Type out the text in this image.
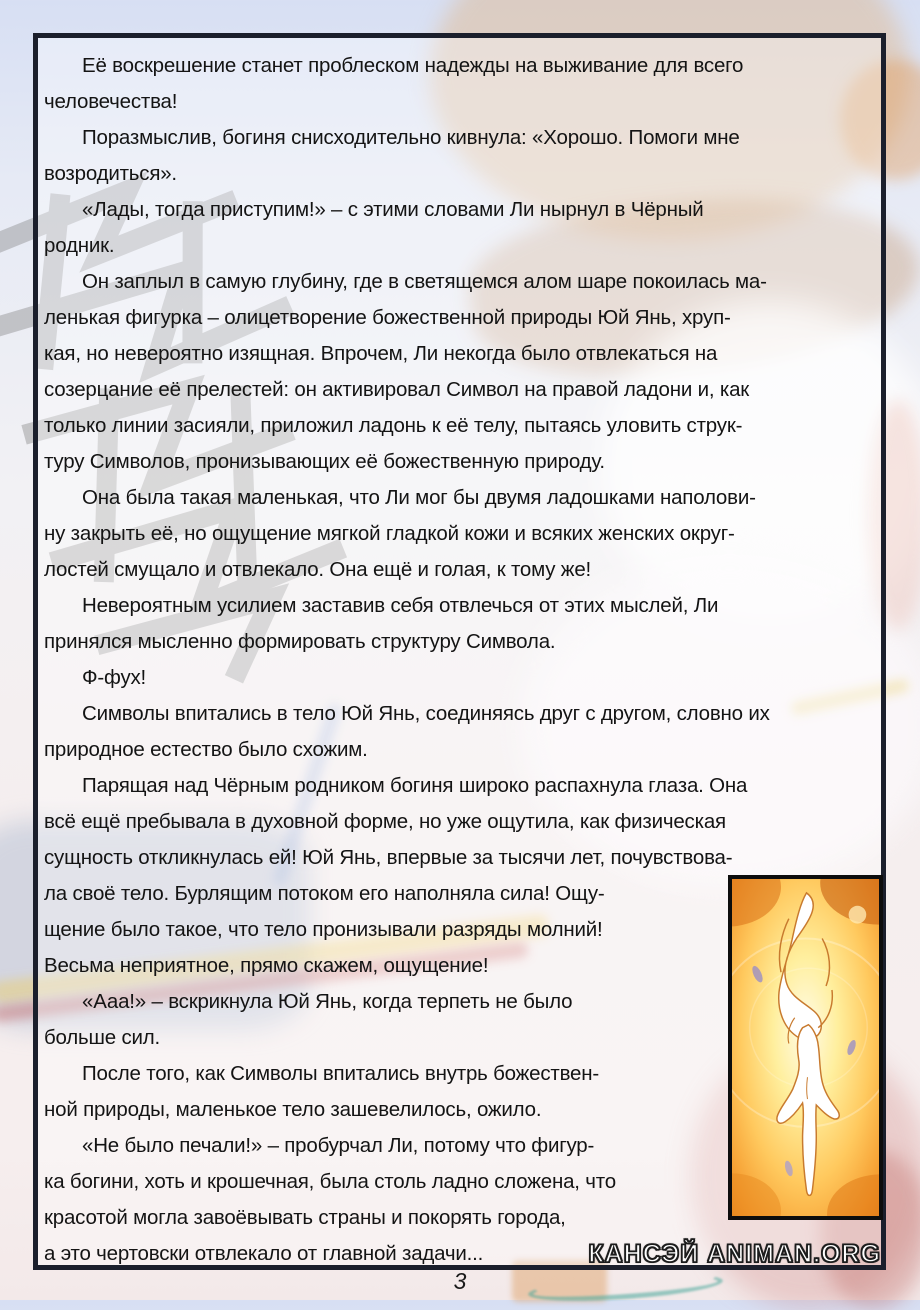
Её воскрешение станет проблеском надежды на выживание для всего
человечества!
Поразмыслив, богиня снисходительно кивнула: «Хорошо. Помоги мне
возродиться».
«Лады, тогда приступим!» – с этими словами Ли нырнул в Чёрный
родник.
Он заплыл в самую глубину, где в светящемся алом шаре покоилась ма-
ленькая фигурка – олицетворение божественной природы Юй Янь, хруп-
кая, но невероятно изящная. Впрочем, Ли некогда было отвлекаться на
созерцание её прелестей: он активировал Символ на правой ладони и, как
только линии засияли, приложил ладонь к её телу, пытаясь уловить струк-
туру Символов, пронизывающих её божественную природу.
Она была такая маленькая, что Ли мог бы двумя ладошками наполови-
ну закрыть её, но ощущение мягкой гладкой кожи и всяких женских округ-
лостей смущало и отвлекало. Она ещё и голая, к тому же!
Невероятным усилием заставив себя отвлечься от этих мыслей, Ли
принялся мысленно формировать структуру Символа.
Ф-фух!
Символы впитались в тело Юй Янь, соединяясь друг с другом, словно их
природное естество было схожим.
Парящая над Чёрным родником богиня широко распахнула глаза. Она
всё ещё пребывала в духовной форме, но уже ощутила, как физическая
сущность откликнулась ей! Юй Янь, впервые за тысячи лет, почувствова-
ла своё тело. Бурлящим потоком его наполняла сила! Ощу-
щение было такое, что тело пронизывали разряды молний!
Весьма неприятное, прямо скажем, ощущение!
«Ааа!» – вскрикнула Юй Янь, когда терпеть не было
больше сил.
После того, как Символы впитались внутрь божествен-
ной природы, маленькое тело зашевелилось, ожило.
«Не было печали!» – пробурчал Ли, потому что фигур-
ка богини, хоть и крошечная, была столь ладно сложена, что
красотой могла завоёвывать страны и покорять города,
а это чертовски отвлекало от главной задачи...	КАНСЭЙ ANIMAN.ORG
3
